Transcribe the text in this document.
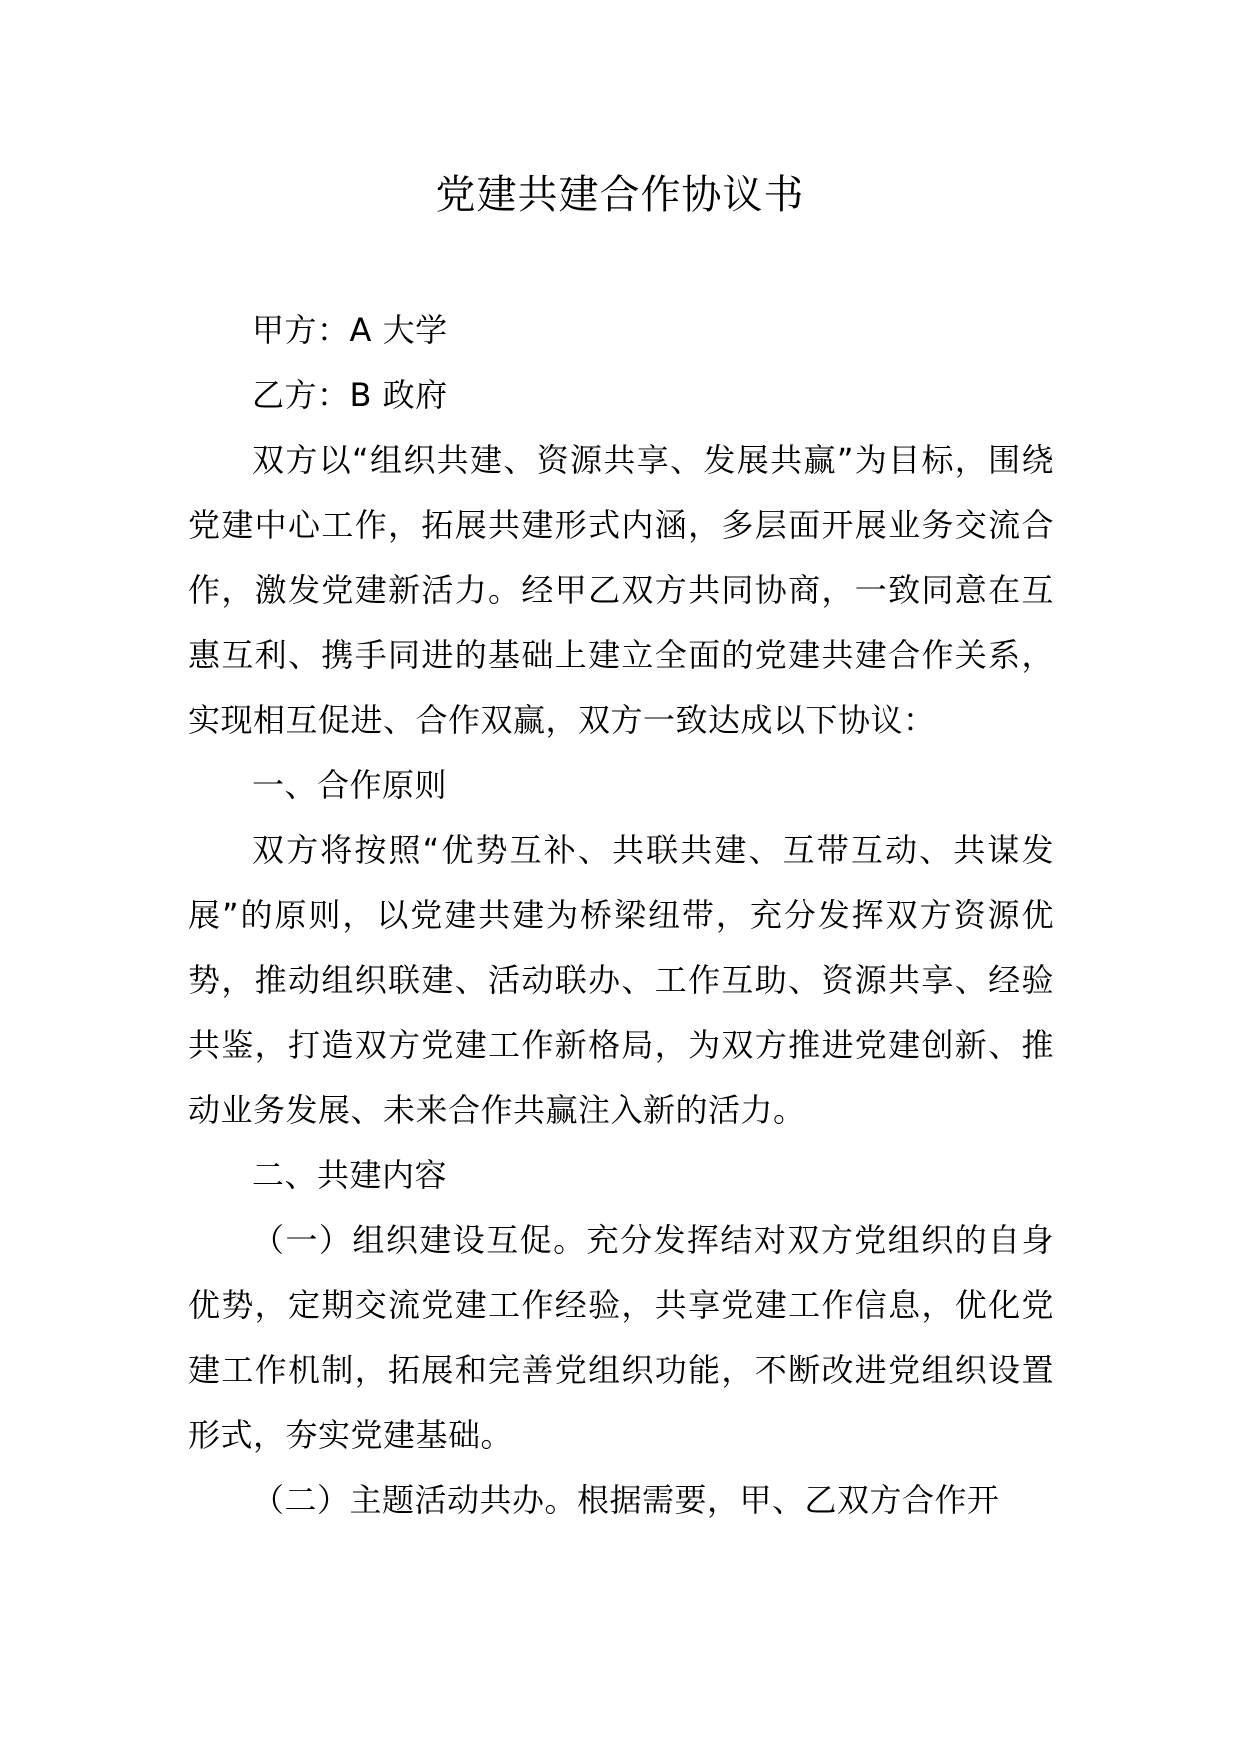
党建共建合作协议书

甲方：A 大学

乙方：B 政府

双方以“组织共建、资源共享、发展共赢”为目标，围绕党建中心工作，拓展共建形式内涵，多层面开展业务交流合作，激发党建新活力。经甲乙双方共同协商，一致同意在互惠互利、携手同进的基础上建立全面的党建共建合作关系，实现相互促进、合作双赢，双方一致达成以下协议：

一、合作原则

双方将按照“优势互补、共联共建、互带互动、共谋发展”的原则，以党建共建为桥梁纽带，充分发挥双方资源优势，推动组织联建、活动联办、工作互助、资源共享、经验共鉴，打造双方党建工作新格局，为双方推进党建创新、推动业务发展、未来合作共赢注入新的活力。

二、共建内容

（一）组织建设互促。充分发挥结对双方党组织的自身优势，定期交流党建工作经验，共享党建工作信息，优化党建工作机制，拓展和完善党组织功能，不断改进党组织设置形式，夯实党建基础。

（二）主题活动共办。根据需要，甲、乙双方合作开
